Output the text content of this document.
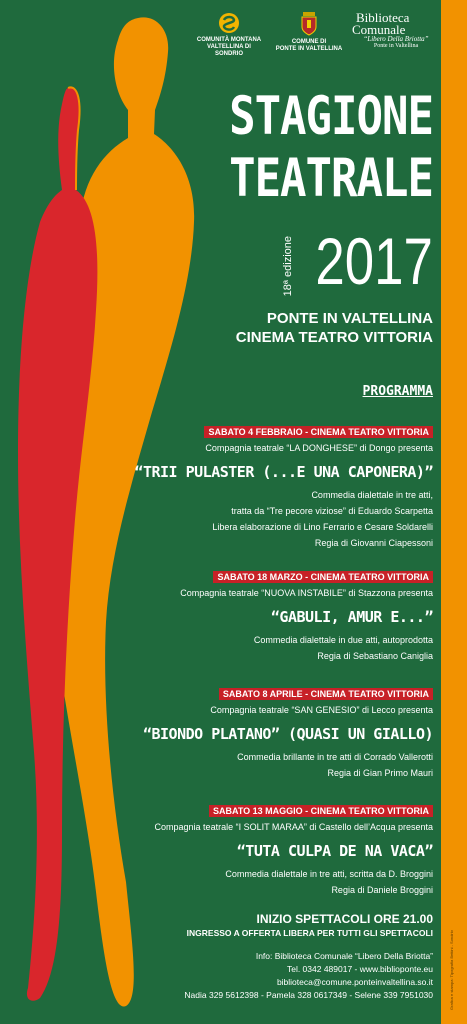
Grafica e stampa: Tipografia Bettini - Sondrio
COMUNITÀ MONTANA
VALTELLINA DI SONDRIO
COMUNE DI
PONTE IN VALTELLINA
Biblioteca
Comunale
“Libero Della Briotta”
Ponte in Valtellina
STAGIONE
TEATRALE
18ª edizione 2017
PONTE IN VALTELLINA
CINEMA TEATRO VITTORIA
PROGRAMMA
SABATO 4 FEBBRAIO - CINEMA TEATRO VITTORIA
Compagnia teatrale “LA DONGHESE” di Dongo presenta
“TRII PULASTER (...E UNA CAPONERA)”
Commedia dialettale in tre atti,
tratta da “Tre pecore viziose” di Eduardo Scarpetta
Libera elaborazione di Lino Ferrario e Cesare Soldarelli
Regia di Giovanni Ciapessoni
SABATO 18 MARZO - CINEMA TEATRO VITTORIA
Compagnia teatrale “NUOVA INSTABILE” di Stazzona presenta
“GABULI, AMUR E...”
Commedia dialettale in due atti, autoprodotta
Regia di Sebastiano Caniglia
SABATO 8 APRILE - CINEMA TEATRO VITTORIA
Compagnia teatrale “SAN GENESIO” di Lecco presenta
“BIONDO PLATANO” (QUASI UN GIALLO)
Commedia brillante in tre atti di Corrado Vallerotti
Regia di Gian Primo Mauri
SABATO 13 MAGGIO - CINEMA TEATRO VITTORIA
Compagnia teatrale “I SOLIT MARAA” di Castello dell’Acqua presenta
“TUTA CULPA DE NA VACA”
Commedia dialettale in tre atti, scritta da D. Broggini
Regia di Daniele Broggini
INIZIO SPETTACOLI ORE 21.00
INGRESSO A OFFERTA LIBERA PER TUTTI GLI SPETTACOLI
Info: Biblioteca Comunale “Libero Della Briotta”
Tel. 0342 489017 - www.biblioponte.eu
biblioteca@comune.ponteinvaltellina.so.it
Nadia 329 5612398 - Pamela 328 0617349 - Selene 339 7951030
